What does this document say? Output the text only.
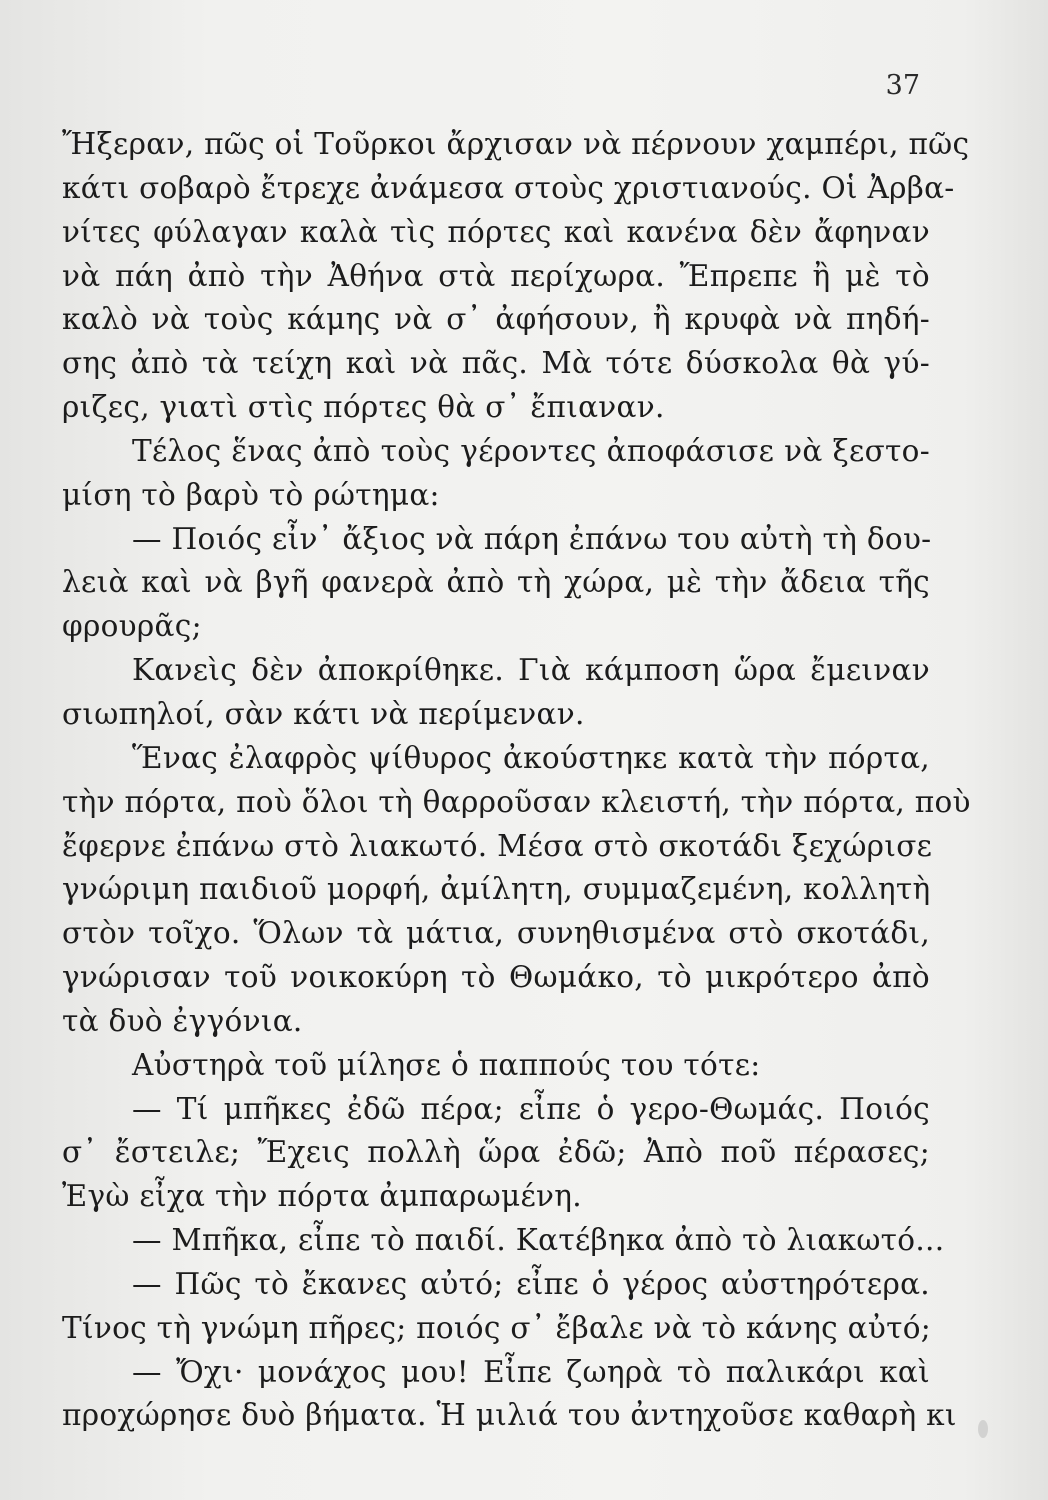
37
Ἤξεραν, πῶς οἱ Τοῦρκοι ἄρχισαν νὰ πέρνουν χαμπέρι, πῶς
κάτι σοβαρὸ ἔτρεχε ἀνάμεσα στοὺς χριστιανούς. Οἱ Ἀρβα-
νίτες φύλαγαν καλὰ τὶς πόρτες καὶ κανένα δὲν ἄφηναν
νὰ πάη ἀπὸ τὴν Ἀθήνα στὰ περίχωρα. Ἔπρεπε ἢ μὲ τὸ
καλὸ νὰ τοὺς κάμης νὰ σ᾽ ἀφήσουν, ἢ κρυφὰ νὰ πηδή-
σης ἀπὸ τὰ τείχη καὶ νὰ πᾶς. Μὰ τότε δύσκολα θὰ γύ-
ριζες, γιατὶ στὶς πόρτες θὰ σ᾽ ἔπιαναν.
Τέλος ἕνας ἀπὸ τοὺς γέροντες ἀποφάσισε νὰ ξεστο-
μίση τὸ βαρὺ τὸ ρώτημα:
— Ποιός εἶν᾽ ἄξιος νὰ πάρη ἐπάνω του αὐτὴ τὴ δου-
λειὰ καὶ νὰ βγῆ φανερὰ ἀπὸ τὴ χώρα, μὲ τὴν ἄδεια τῆς
φρουρᾶς;
Κανεὶς δὲν ἀποκρίθηκε. Γιὰ κάμποση ὥρα ἔμειναν
σιωπηλοί, σὰν κάτι νὰ περίμεναν.
Ἕνας ἐλαφρὸς ψίθυρος ἀκούστηκε κατὰ τὴν πόρτα,
τὴν πόρτα, ποὺ ὅλοι τὴ θαρροῦσαν κλειστή, τὴν πόρτα, ποὺ
ἔφερνε ἐπάνω στὸ λιακωτό. Μέσα στὸ σκοτάδι ξεχώρισε
γνώριμη παιδιοῦ μορφή, ἀμίλητη, συμμαζεμένη, κολλητὴ
στὸν τοῖχο. Ὅλων τὰ μάτια, συνηθισμένα στὸ σκοτάδι,
γνώρισαν τοῦ νοικοκύρη τὸ Θωμάκο, τὸ μικρότερο ἀπὸ
τὰ δυὸ ἐγγόνια.
Αὐστηρὰ τοῦ μίλησε ὁ παππούς του τότε:
— Τί μπῆκες ἐδῶ πέρα; εἶπε ὁ γερο-Θωμάς. Ποιός
σ᾽ ἔστειλε; Ἔχεις πολλὴ ὥρα ἐδῶ; Ἀπὸ ποῦ πέρασες;
Ἐγὼ εἶχα τὴν πόρτα ἀμπαρωμένη.
— Μπῆκα, εἶπε τὸ παιδί. Κατέβηκα ἀπὸ τὸ λιακωτό...
— Πῶς τὸ ἔκανες αὐτό; εἶπε ὁ γέρος αὐστηρότερα.
Τίνος τὴ γνώμη πῆρες; ποιός σ᾽ ἔβαλε νὰ τὸ κάνης αὐτό;
— Ὄχι· μονάχος μου! Εἶπε ζωηρὰ τὸ παλικάρι καὶ
προχώρησε δυὸ βήματα. Ἡ μιλιά του ἀντηχοῦσε καθαρὴ κι
